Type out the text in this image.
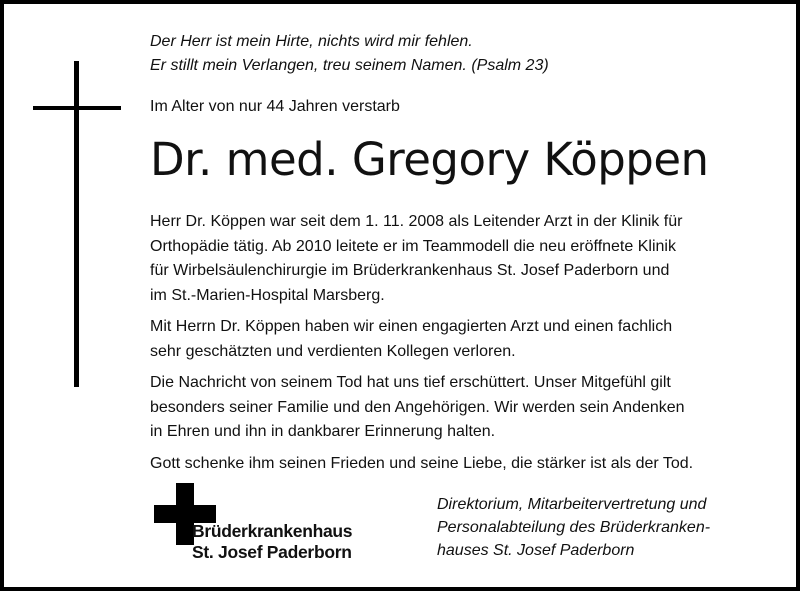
Der Herr ist mein Hirte, nichts wird mir fehlen.
Er stillt mein Verlangen, treu seinem Namen. (Psalm 23)
Im Alter von nur 44 Jahren verstarb
Dr. med. Gregory Köppen

Herr Dr. Köppen war seit dem 1. 11. 2008 als Leitender Arzt in der Klinik für
Orthopädie tätig. Ab 2010 leitete er im Teammodell die neu eröffnete Klinik
für Wirbelsäulenchirurgie im Brüderkrankenhaus St. Josef Paderborn und
im St.-Marien-Hospital Marsberg.

Mit Herrn Dr. Köppen haben wir einen engagierten Arzt und einen fachlich
sehr geschätzten und verdienten Kollegen verloren.

Die Nachricht von seinem Tod hat uns tief erschüttert. Unser Mitgefühl gilt
besonders seiner Familie und den Angehörigen. Wir werden sein Andenken
in Ehren und ihn in dankbarer Erinnerung halten.

Gott schenke ihm seinen Frieden und seine Liebe, die stärker ist als der Tod.

Brüderkrankenhaus
St. Josef Paderborn
Direktorium, Mitarbeitervertretung und
Personalabteilung des Brüderkranken-
hauses St. Josef Paderborn
